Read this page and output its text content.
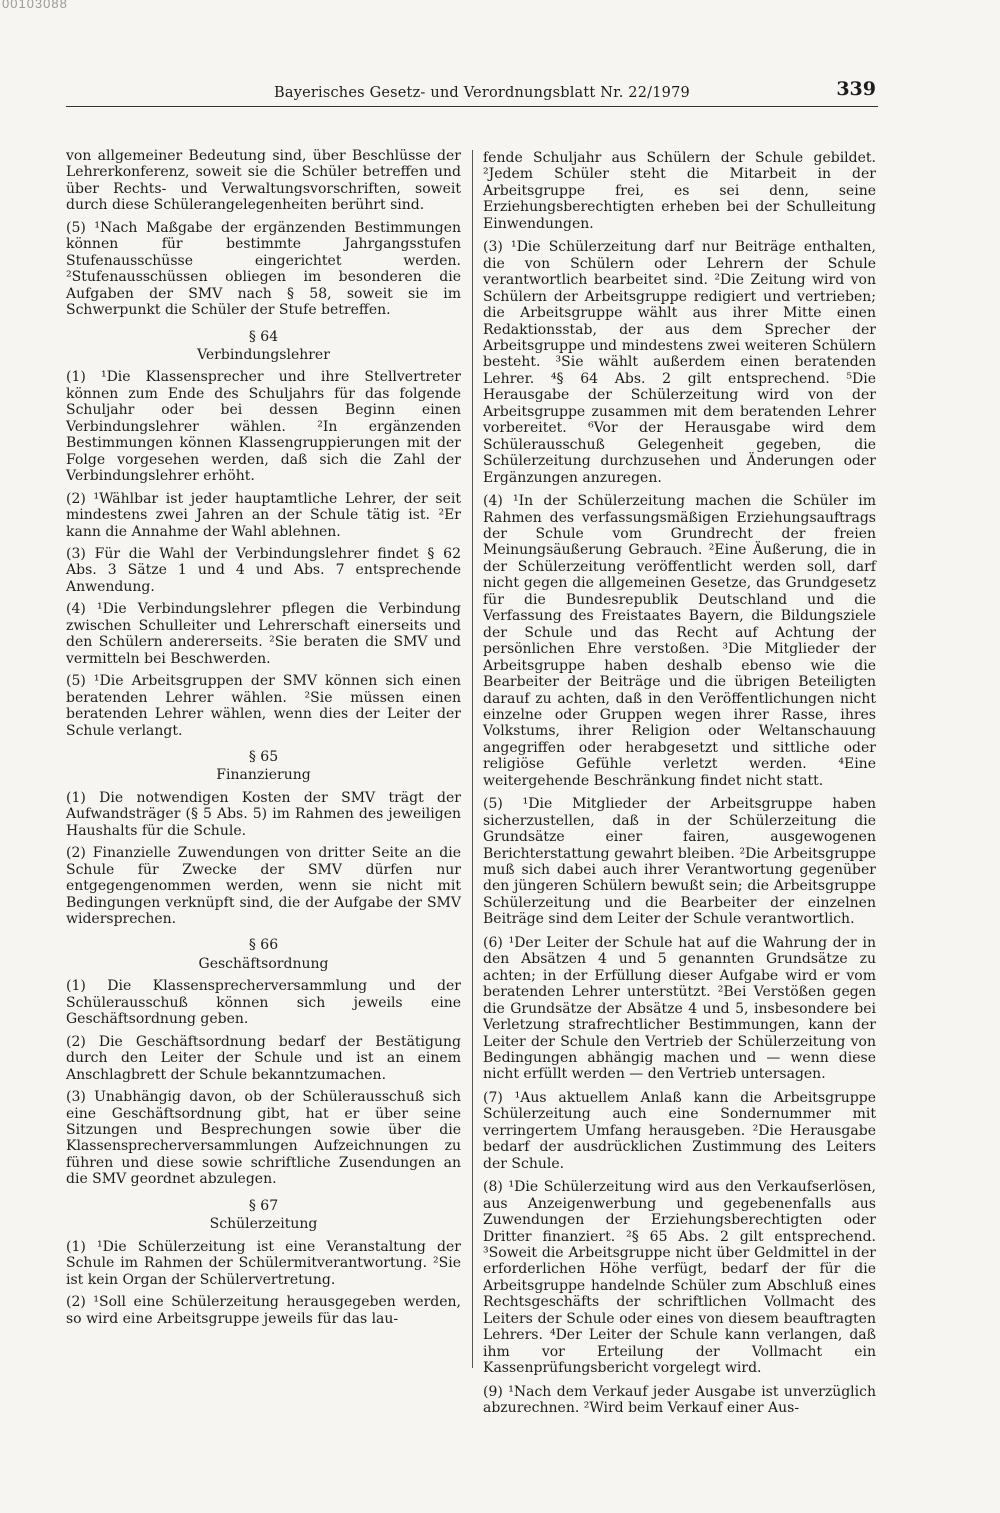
00103088
Bayerisches Gesetz- und Verordnungsblatt Nr. 22/1979	339

von allgemeiner Bedeutung sind, über Beschlüsse der Lehrerkonferenz, soweit sie die Schüler betreffen und über Rechts- und Verwaltungsvorschriften, soweit durch diese Schülerangelegenheiten berührt sind.

(5) ¹Nach Maßgabe der ergänzenden Bestimmungen können für bestimmte Jahrgangsstufen Stufenausschüsse eingerichtet werden. ²Stufenausschüssen obliegen im besonderen die Aufgaben der SMV nach § 58, soweit sie im Schwerpunkt die Schüler der Stufe betreffen.

§ 64
Verbindungslehrer

(1) ¹Die Klassensprecher und ihre Stellvertreter können zum Ende des Schuljahrs für das folgende Schuljahr oder bei dessen Beginn einen Verbindungslehrer wählen. ²In ergänzenden Bestimmungen können Klassengruppierungen mit der Folge vorgesehen werden, daß sich die Zahl der Verbindungslehrer erhöht.

(2) ¹Wählbar ist jeder hauptamtliche Lehrer, der seit mindestens zwei Jahren an der Schule tätig ist. ²Er kann die Annahme der Wahl ablehnen.

(3) Für die Wahl der Verbindungslehrer findet § 62 Abs. 3 Sätze 1 und 4 und Abs. 7 entsprechende Anwendung.

(4) ¹Die Verbindungslehrer pflegen die Verbindung zwischen Schulleiter und Lehrerschaft einerseits und den Schülern andererseits. ²Sie beraten die SMV und vermitteln bei Beschwerden.

(5) ¹Die Arbeitsgruppen der SMV können sich einen beratenden Lehrer wählen. ²Sie müssen einen beratenden Lehrer wählen, wenn dies der Leiter der Schule verlangt.

§ 65
Finanzierung

(1) Die notwendigen Kosten der SMV trägt der Aufwandsträger (§ 5 Abs. 5) im Rahmen des jeweiligen Haushalts für die Schule.

(2) Finanzielle Zuwendungen von dritter Seite an die Schule für Zwecke der SMV dürfen nur entgegengenommen werden, wenn sie nicht mit Bedingungen verknüpft sind, die der Aufgabe der SMV widersprechen.

§ 66
Geschäftsordnung

(1) Die Klassensprecherversammlung und der Schülerausschuß können sich jeweils eine Geschäftsordnung geben.

(2) Die Geschäftsordnung bedarf der Bestätigung durch den Leiter der Schule und ist an einem Anschlagbrett der Schule bekanntzumachen.

(3) Unabhängig davon, ob der Schülerausschuß sich eine Geschäftsordnung gibt, hat er über seine Sitzungen und Besprechungen sowie über die Klassensprecherversammlungen Aufzeichnungen zu führen und diese sowie schriftliche Zusendungen an die SMV geordnet abzulegen.

§ 67
Schülerzeitung

(1) ¹Die Schülerzeitung ist eine Veranstaltung der Schule im Rahmen der Schülermitverantwortung. ²Sie ist kein Organ der Schülervertretung.

(2) ¹Soll eine Schülerzeitung herausgegeben werden, so wird eine Arbeitsgruppe jeweils für das lau-

fende Schuljahr aus Schülern der Schule gebildet. ²Jedem Schüler steht die Mitarbeit in der Arbeitsgruppe frei, es sei denn, seine Erziehungsberechtigten erheben bei der Schulleitung Einwendungen.

(3) ¹Die Schülerzeitung darf nur Beiträge enthalten, die von Schülern oder Lehrern der Schule verantwortlich bearbeitet sind. ²Die Zeitung wird von Schülern der Arbeitsgruppe redigiert und vertrieben; die Arbeitsgruppe wählt aus ihrer Mitte einen Redaktionsstab, der aus dem Sprecher der Arbeitsgruppe und mindestens zwei weiteren Schülern besteht. ³Sie wählt außerdem einen beratenden Lehrer. ⁴§ 64 Abs. 2 gilt entsprechend. ⁵Die Herausgabe der Schülerzeitung wird von der Arbeitsgruppe zusammen mit dem beratenden Lehrer vorbereitet. ⁶Vor der Herausgabe wird dem Schülerausschuß Gelegenheit gegeben, die Schülerzeitung durchzusehen und Änderungen oder Ergänzungen anzuregen.

(4) ¹In der Schülerzeitung machen die Schüler im Rahmen des verfassungsmäßigen Erziehungsauftrags der Schule vom Grundrecht der freien Meinungsäußerung Gebrauch. ²Eine Äußerung, die in der Schülerzeitung veröffentlicht werden soll, darf nicht gegen die allgemeinen Gesetze, das Grundgesetz für die Bundesrepublik Deutschland und die Verfassung des Freistaates Bayern, die Bildungsziele der Schule und das Recht auf Achtung der persönlichen Ehre verstoßen. ³Die Mitglieder der Arbeitsgruppe haben deshalb ebenso wie die Bearbeiter der Beiträge und die übrigen Beteiligten darauf zu achten, daß in den Veröffentlichungen nicht einzelne oder Gruppen wegen ihrer Rasse, ihres Volkstums, ihrer Religion oder Weltanschauung angegriffen oder herabgesetzt und sittliche oder religiöse Gefühle verletzt werden. ⁴Eine weitergehende Beschränkung findet nicht statt.

(5) ¹Die Mitglieder der Arbeitsgruppe haben sicherzustellen, daß in der Schülerzeitung die Grundsätze einer fairen, ausgewogenen Berichterstattung gewahrt bleiben. ²Die Arbeitsgruppe muß sich dabei auch ihrer Verantwortung gegenüber den jüngeren Schülern bewußt sein; die Arbeitsgruppe Schülerzeitung und die Bearbeiter der einzelnen Beiträge sind dem Leiter der Schule verantwortlich.

(6) ¹Der Leiter der Schule hat auf die Wahrung der in den Absätzen 4 und 5 genannten Grundsätze zu achten; in der Erfüllung dieser Aufgabe wird er vom beratenden Lehrer unterstützt. ²Bei Verstößen gegen die Grundsätze der Absätze 4 und 5, insbesondere bei Verletzung strafrechtlicher Bestimmungen, kann der Leiter der Schule den Vertrieb der Schülerzeitung von Bedingungen abhängig machen und — wenn diese nicht erfüllt werden — den Vertrieb untersagen.

(7) ¹Aus aktuellem Anlaß kann die Arbeitsgruppe Schülerzeitung auch eine Sondernummer mit verringertem Umfang herausgeben. ²Die Herausgabe bedarf der ausdrücklichen Zustimmung des Leiters der Schule.

(8) ¹Die Schülerzeitung wird aus den Verkaufserlösen, aus Anzeigenwerbung und gegebenenfalls aus Zuwendungen der Erziehungsberechtigten oder Dritter finanziert. ²§ 65 Abs. 2 gilt entsprechend. ³Soweit die Arbeitsgruppe nicht über Geldmittel in der erforderlichen Höhe verfügt, bedarf der für die Arbeitsgruppe handelnde Schüler zum Abschluß eines Rechtsgeschäfts der schriftlichen Vollmacht des Leiters der Schule oder eines von diesem beauftragten Lehrers. ⁴Der Leiter der Schule kann verlangen, daß ihm vor Erteilung der Vollmacht ein Kassenprüfungsbericht vorgelegt wird.

(9) ¹Nach dem Verkauf jeder Ausgabe ist unverzüglich abzurechnen. ²Wird beim Verkauf einer Aus-
